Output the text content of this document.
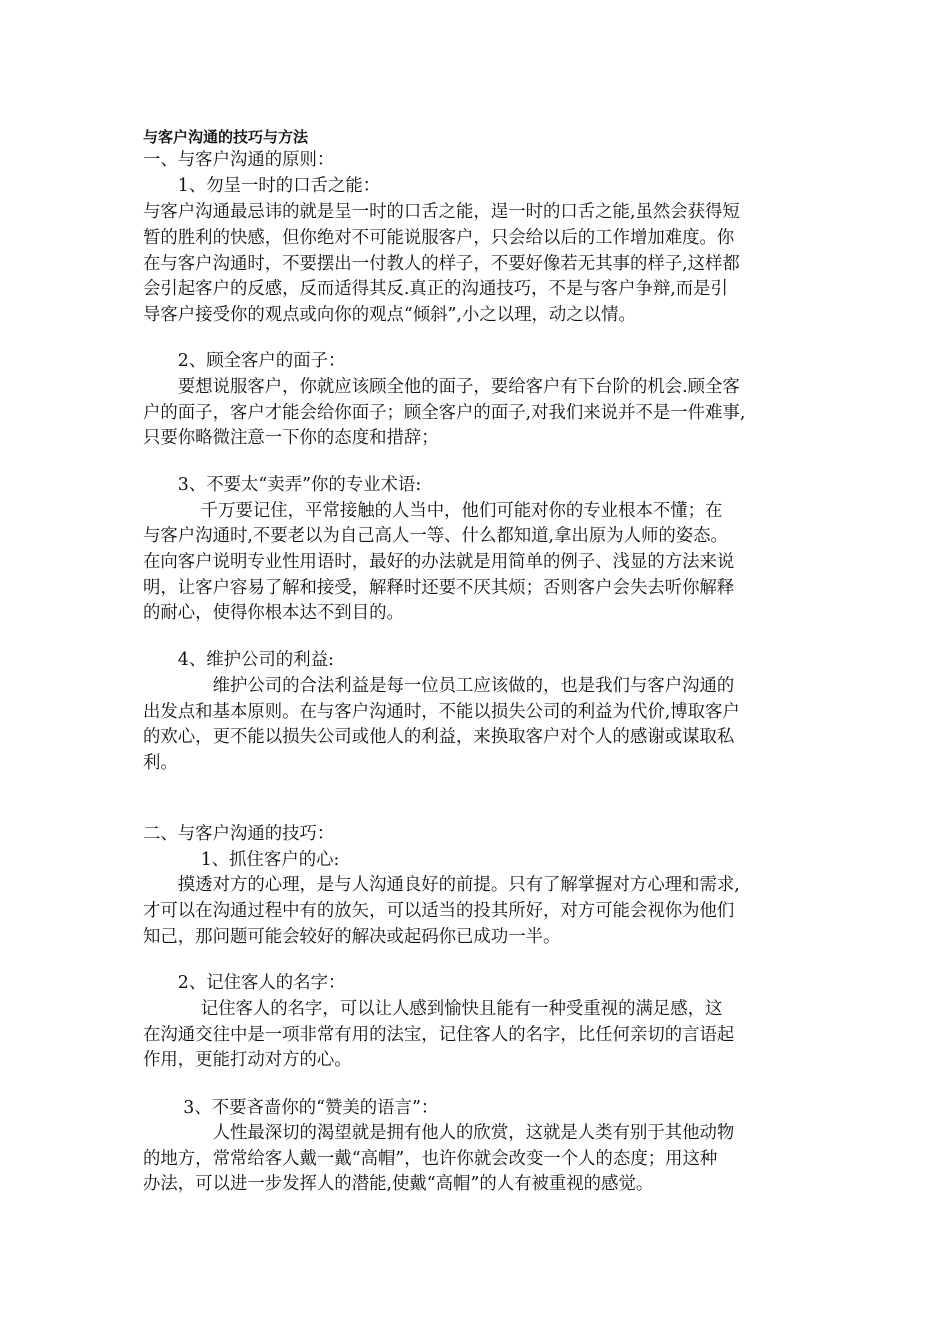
与客户沟通的技巧与方法

一、与客户沟通的原则：

　　1、勿呈一时的口舌之能：

与客户沟通最忌讳的就是呈一时的口舌之能，逞一时的口舌之能,虽然会获得短

暂的胜利的快感，但你绝对不可能说服客户，只会给以后的工作增加难度。你

在与客户沟通时，不要摆出一付教人的样子，不要好像若无其事的样子,这样都

会引起客户的反感，反而适得其反.真正的沟通技巧，不是与客户争辩,而是引

导客户接受你的观点或向你的观点“倾斜”,小之以理，动之以情。

　　2、顾全客户的面子：

　　要想说服客户，你就应该顾全他的面子，要给客户有下台阶的机会.顾全客

户的面子，客户才能会给你面子；顾全客户的面子,对我们来说并不是一件难事,

只要你略微注意一下你的态度和措辞；

　　3、不要太“卖弄”你的专业术语:

　　　 千万要记住，平常接触的人当中，他们可能对你的专业根本不懂；在

与客户沟通时,不要老以为自己高人一等、什么都知道,拿出原为人师的姿态。

在向客户说明专业性用语时，最好的办法就是用简单的例子、浅显的方法来说

明，让客户容易了解和接受，解释时还要不厌其烦；否则客户会失去听你解释

的耐心，使得你根本达不到目的。

　　4、维护公司的利益:

　　　　维护公司的合法利益是每一位员工应该做的，也是我们与客户沟通的

出发点和基本原则。在与客户沟通时，不能以损失公司的利益为代价,博取客户

的欢心，更不能以损失公司或他人的利益，来换取客户对个人的感谢或谋取私

利。

二、与客户沟通的技巧：

　　　 1、抓住客户的心:

　　摸透对方的心理，是与人沟通良好的前提。只有了解掌握对方心理和需求,

才可以在沟通过程中有的放矢，可以适当的投其所好，对方可能会视你为他们

知己，那问题可能会较好的解决或起码你已成功一半。

　　2、记住客人的名字：

　　　 记住客人的名字，可以让人感到愉快且能有一种受重视的满足感，这

在沟通交往中是一项非常有用的法宝，记住客人的名字，比任何亲切的言语起

作用，更能打动对方的心。

　　 3、不要吝啬你的“赞美的语言”：

　　　　人性最深切的渴望就是拥有他人的欣赏，这就是人类有别于其他动物

的地方，常常给客人戴一戴“高帽”，也许你就会改变一个人的态度；用这种

办法，可以进一步发挥人的潜能,使戴“高帽”的人有被重视的感觉。
